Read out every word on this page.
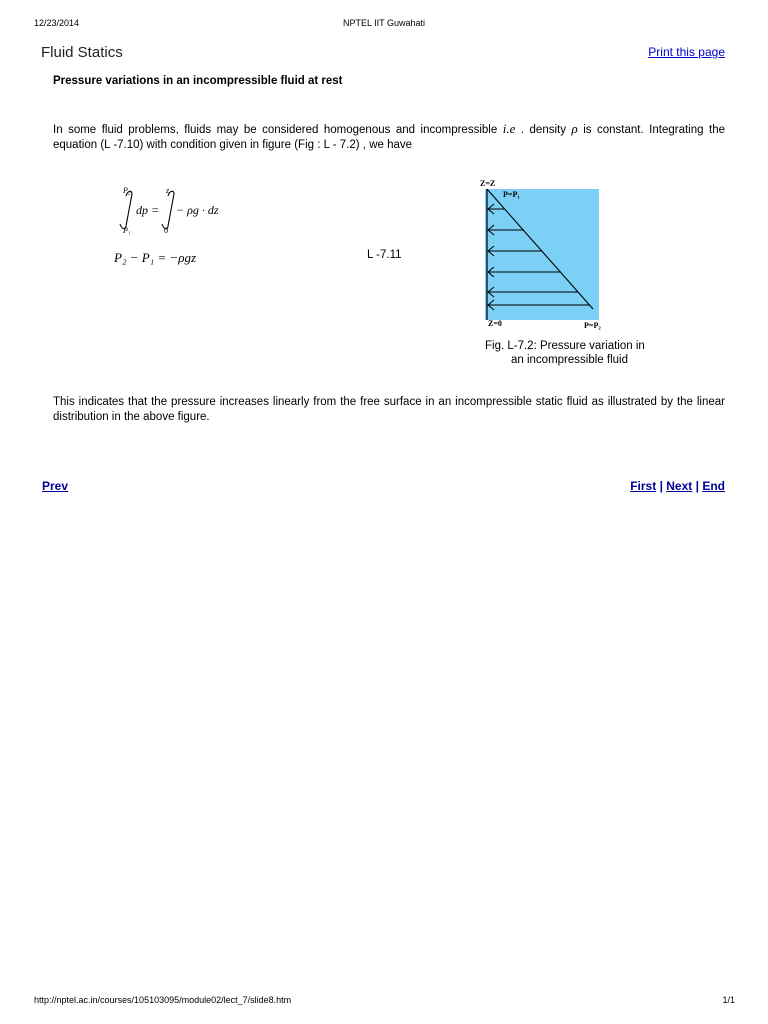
12/23/2014	NPTEL IIT Guwahati
Fluid Statics	Print this page
Pressure variations in an incompressible fluid at rest
In some fluid problems, fluids may be considered homogenous and incompressible i.e . density ρ is constant. Integrating the equation (L -7.10) with condition given in figure (Fig : L - 7.2) , we have
P₂
P₁
dp =
z
0
− ρg · dz
P₂ − P₁ = −ρgz	L -7.11
Z=Z
P=P₁
Z=0	P=P₂
Fig. L-7.2: Pressure variation in
an incompressible fluid
This indicates that the pressure increases linearly from the free surface in an incompressible static fluid as illustrated by the linear distribution in the above figure.
Prev	First | Next | End
http://nptel.ac.in/courses/105103095/module02/lect_7/slide8.htm	1/1
